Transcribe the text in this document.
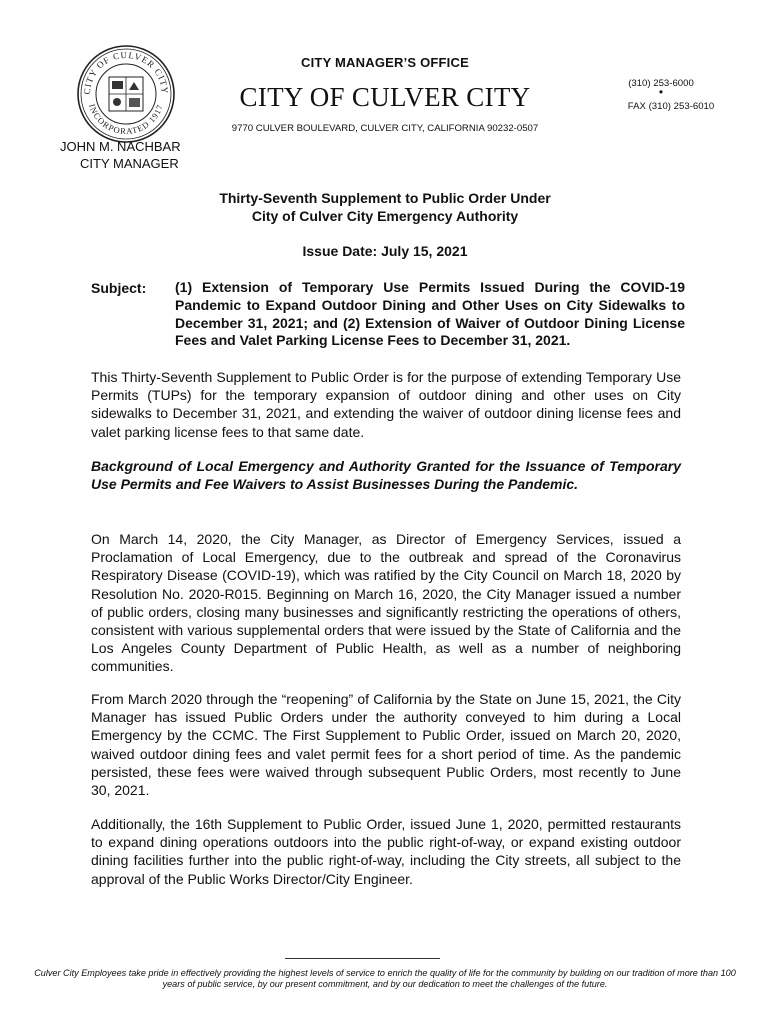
CITY OF CULVER CITY
INCORPORATED 1917
CITY MANAGER’S OFFICE
CITY OF CULVER CITY
9770 CULVER BOULEVARD, CULVER CITY, CALIFORNIA 90232-0507
(310) 253-6000
•
FAX (310) 253-6010
JOHN M. NACHBAR
CITY MANAGER
Thirty-Seventh Supplement to Public Order Under
City of Culver City Emergency Authority
Issue Date: July 15, 2021
Subject: (1) Extension of Temporary Use Permits Issued During the COVID-19 Pandemic to Expand Outdoor Dining and Other Uses on City Sidewalks to December 31, 2021; and (2) Extension of Waiver of Outdoor Dining License Fees and Valet Parking License Fees to December 31, 2021.
This Thirty-Seventh Supplement to Public Order is for the purpose of extending Temporary Use Permits (TUPs) for the temporary expansion of outdoor dining and other uses on City sidewalks to December 31, 2021, and extending the waiver of outdoor dining license fees and valet parking license fees to that same date.
Background of Local Emergency and Authority Granted for the Issuance of Temporary Use Permits and Fee Waivers to Assist Businesses During the Pandemic.
On March 14, 2020, the City Manager, as Director of Emergency Services, issued a Proclamation of Local Emergency, due to the outbreak and spread of the Coronavirus Respiratory Disease (COVID-19), which was ratified by the City Council on March 18, 2020 by Resolution No. 2020-R015. Beginning on March 16, 2020, the City Manager issued a number of public orders, closing many businesses and significantly restricting the operations of others, consistent with various supplemental orders that were issued by the State of California and the Los Angeles County Department of Public Health, as well as a number of neighboring communities.
From March 2020 through the “reopening” of California by the State on June 15, 2021, the City Manager has issued Public Orders under the authority conveyed to him during a Local Emergency by the CCMC. The First Supplement to Public Order, issued on March 20, 2020, waived outdoor dining fees and valet permit fees for a short period of time. As the pandemic persisted, these fees were waived through subsequent Public Orders, most recently to June 30, 2021.
Additionally, the 16th Supplement to Public Order, issued June 1, 2020, permitted restaurants to expand dining operations outdoors into the public right-of-way, or expand existing outdoor dining facilities further into the public right-of-way, including the City streets, all subject to the approval of the Public Works Director/City Engineer.
Culver City Employees take pride in effectively providing the highest levels of service to enrich the quality of life for the community by building on our tradition of more than 100 years of public service, by our present commitment, and by our dedication to meet the challenges of the future.
